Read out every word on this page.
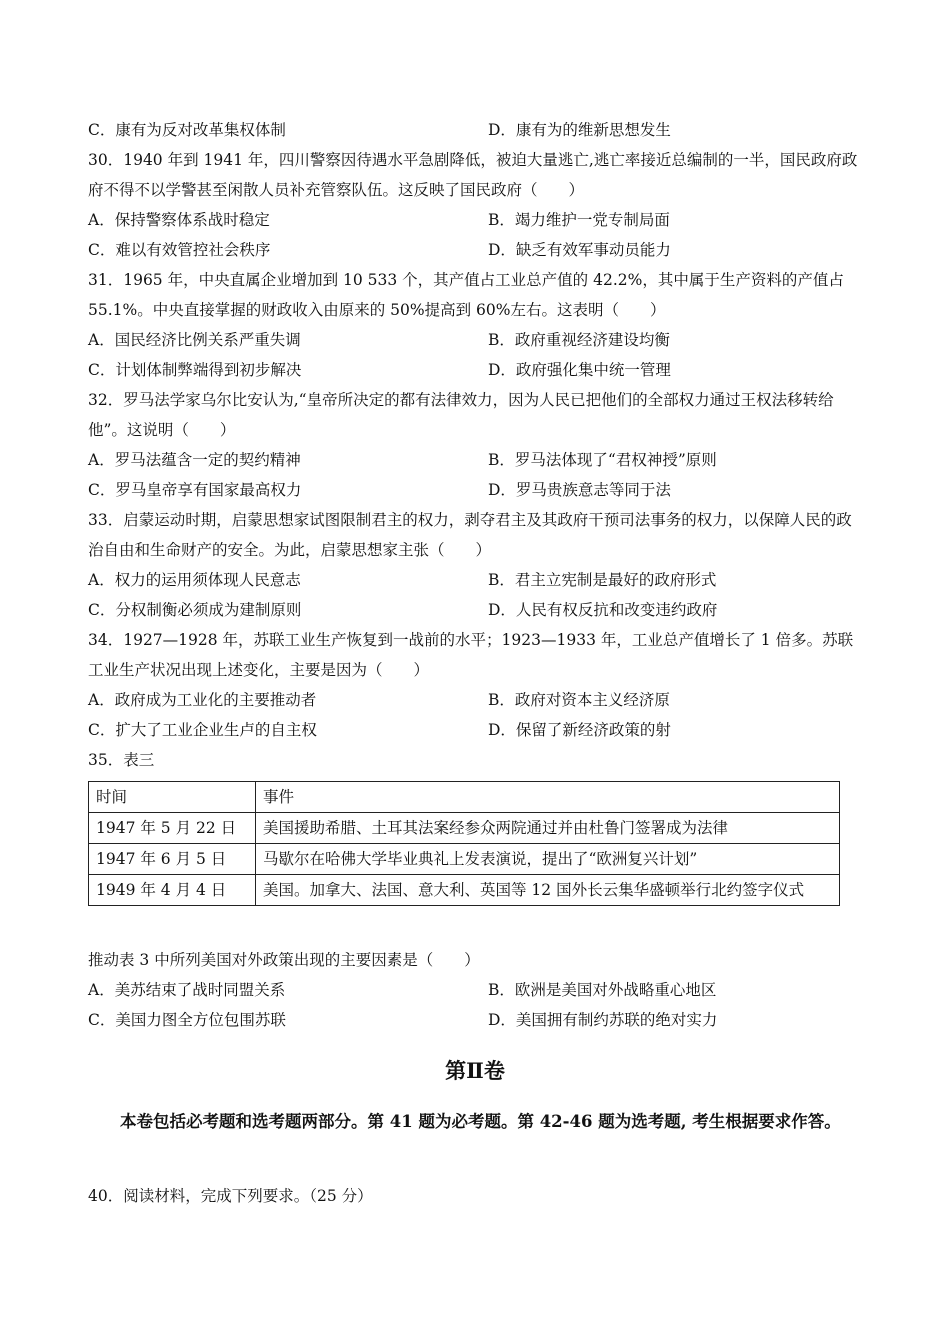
C．康有为反对改革集权体制	D．康有为的维新思想发生
30．1940 年到 1941 年，四川警察因待遇水平急剧降低，被迫大量逃亡,逃亡率接近总编制的一半，国民政府政府不得不以学警甚至闲散人员补充管察队伍。这反映了国民政府（　　）
A．保持警察体系战时稳定	B．竭力维护一党专制局面
C．难以有效管控社会秩序	D．缺乏有效军事动员能力
31．1965 年，中央直属企业增加到 10 533 个，其产值占工业总产值的 42.2%，其中属于生产资料的产值占 55.1%。中央直接掌握的财政收入由原来的 50%提高到 60%左右。这表明（　　）
A．国民经济比例关系严重失调	B．政府重视经济建设均衡
C．计划体制弊端得到初步解决	D．政府强化集中统一管理
32．罗马法学家乌尔比安认为,“皇帝所决定的都有法律效力，因为人民已把他们的全部权力通过王权法移转给他”。这说明（　　）
A．罗马法蕴含一定的契约精神	B．罗马法体现了“君权神授”原则
C．罗马皇帝享有国家最高权力	D．罗马贵族意志等同于法
33．启蒙运动时期，启蒙思想家试图限制君主的权力，剥夺君主及其政府干预司法事务的权力，以保障人民的政治自由和生命财产的安全。为此，启蒙思想家主张（　　）
A．权力的运用须体现人民意志	B．君主立宪制是最好的政府形式
C．分权制衡必须成为建制原则	D．人民有权反抗和改变违约政府
34．1927—1928 年，苏联工业生产恢复到一战前的水平；1923—1933 年，工业总产值增长了 1 倍多。苏联工业生产状况出现上述变化，主要是因为（　　）
A．政府成为工业化的主要推动者	B．政府对资本主义经济原
C．扩大了工业企业生卢的自主权	D．保留了新经济政策的射
35．表三
时间	事件
1947 年 5 月 22 日	美国援助希腊、土耳其法案经参众两院通过并由杜鲁门签署成为法律
1947 年 6 月 5 日	马歇尔在哈佛大学毕业典礼上发表演说，提出了“欧洲复兴计划”
1949 年 4 月 4 日	美国。加拿大、法国、意大利、英国等 12 国外长云集华盛顿举行北约签字仪式
推动表 3 中所列美国对外政策出现的主要因素是（　　）
A．美苏结束了战时同盟关系	B．欧洲是美国对外战略重心地区
C．美国力图全方位包围苏联	D．美国拥有制约苏联的绝对实力
第Ⅱ卷
本卷包括必考题和选考题两部分。第 41 题为必考题。第 42-46 题为选考题, 考生根据要求作答。
40．阅读材料，完成下列要求。（25 分）
